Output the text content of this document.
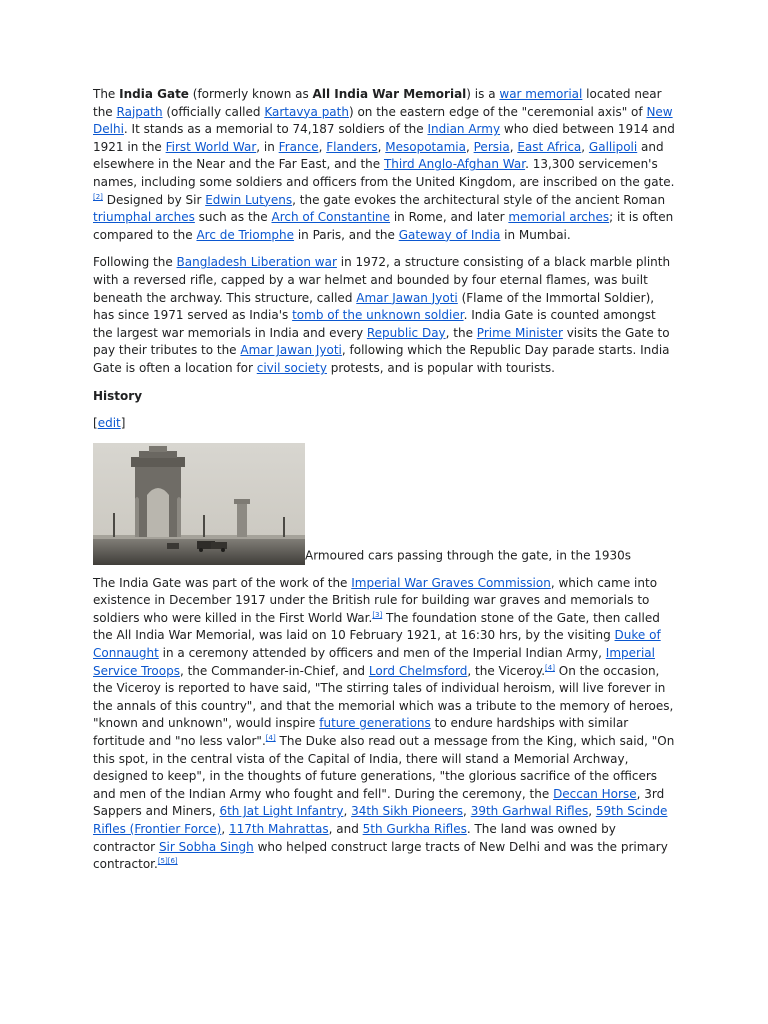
The India Gate (formerly known as All India War Memorial) is a war memorial located near the Rajpath (officially called Kartavya path) on the eastern edge of the "ceremonial axis" of New Delhi. It stands as a memorial to 74,187 soldiers of the Indian Army who died between 1914 and 1921 in the First World War, in France, Flanders, Mesopotamia, Persia, East Africa, Gallipoli and elsewhere in the Near and the Far East, and the Third Anglo-Afghan War. 13,300 servicemen's names, including some soldiers and officers from the United Kingdom, are inscribed on the gate.[2] Designed by Sir Edwin Lutyens, the gate evokes the architectural style of the ancient Roman triumphal arches such as the Arch of Constantine in Rome, and later memorial arches; it is often compared to the Arc de Triomphe in Paris, and the Gateway of India in Mumbai.

Following the Bangladesh Liberation war in 1972, a structure consisting of a black marble plinth with a reversed rifle, capped by a war helmet and bounded by four eternal flames, was built beneath the archway. This structure, called Amar Jawan Jyoti (Flame of the Immortal Soldier), has since 1971 served as India's tomb of the unknown soldier. India Gate is counted amongst the largest war memorials in India and every Republic Day, the Prime Minister visits the Gate to pay their tributes to the Amar Jawan Jyoti, following which the Republic Day parade starts. India Gate is often a location for civil society protests, and is popular with tourists.

History

[edit]

Armoured cars passing through the gate, in the 1930s

The India Gate was part of the work of the Imperial War Graves Commission, which came into existence in December 1917 under the British rule for building war graves and memorials to soldiers who were killed in the First World War.[3] The foundation stone of the Gate, then called the All India War Memorial, was laid on 10 February 1921, at 16:30 hrs, by the visiting Duke of Connaught in a ceremony attended by officers and men of the Imperial Indian Army, Imperial Service Troops, the Commander-in-Chief, and Lord Chelmsford, the Viceroy.[4] On the occasion, the Viceroy is reported to have said, "The stirring tales of individual heroism, will live forever in the annals of this country", and that the memorial which was a tribute to the memory of heroes, "known and unknown", would inspire future generations to endure hardships with similar fortitude and "no less valor".[4] The Duke also read out a message from the King, which said, "On this spot, in the central vista of the Capital of India, there will stand a Memorial Archway, designed to keep", in the thoughts of future generations, "the glorious sacrifice of the officers and men of the Indian Army who fought and fell". During the ceremony, the Deccan Horse, 3rd Sappers and Miners, 6th Jat Light Infantry, 34th Sikh Pioneers, 39th Garhwal Rifles, 59th Scinde Rifles (Frontier Force), 117th Mahrattas, and 5th Gurkha Rifles. The land was owned by contractor Sir Sobha Singh who helped construct large tracts of New Delhi and was the primary contractor.[5][6]
